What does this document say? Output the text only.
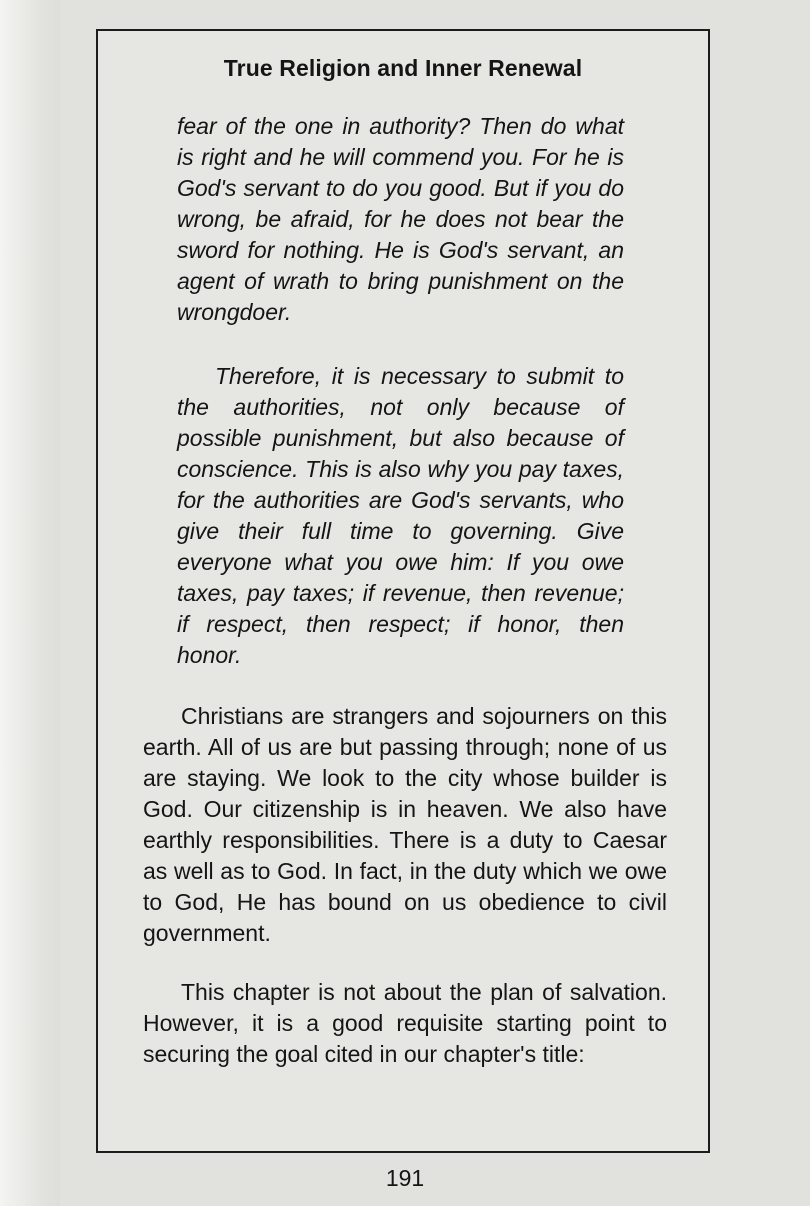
True Religion and Inner Renewal

fear of the one in authority? Then do what is right and he will commend you. For he is God's servant to do you good. But if you do wrong, be afraid, for he does not bear the sword for nothing. He is God's servant, an agent of wrath to bring punishment on the wrongdoer.

Therefore, it is necessary to submit to the authorities, not only because of possible punishment, but also because of conscience. This is also why you pay taxes, for the authorities are God's servants, who give their full time to governing. Give everyone what you owe him: If you owe taxes, pay taxes; if revenue, then revenue; if respect, then respect; if honor, then honor.

Christians are strangers and sojourners on this earth. All of us are but passing through; none of us are staying. We look to the city whose builder is God. Our citizenship is in heaven. We also have earthly responsibilities. There is a duty to Caesar as well as to God. In fact, in the duty which we owe to God, He has bound on us obedience to civil government.

This chapter is not about the plan of salvation. However, it is a good requisite starting point to securing the goal cited in our chapter's title:

191
